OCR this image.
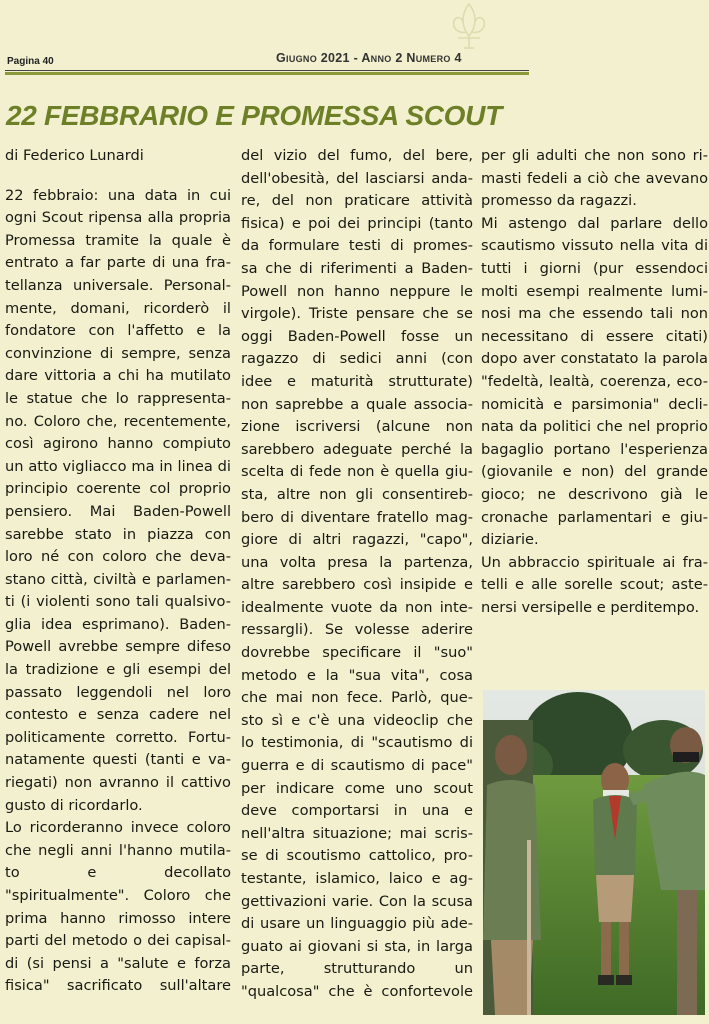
Pagina 40	Giugno 2021 - Anno 2 Numero 4
22 FEBBRARIO E PROMESSA SCOUT
di Federico Lunardi
22 febbraio: una data in cui
ogni Scout ripensa alla propria
Promessa tramite la quale è
entrato a far parte di una fra-
tellanza universale. Personal-
mente, domani, ricorderò il
fondatore con l'affetto e la
convinzione di sempre, senza
dare vittoria a chi ha mutilato
le statue che lo rappresenta-
no. Coloro che, recentemente,
così agirono hanno compiuto
un atto vigliacco ma in linea di
principio coerente col proprio
pensiero. Mai Baden-Powell
sarebbe stato in piazza con
loro né con coloro che deva-
stano città, civiltà e parlamen-
ti (i violenti sono tali qualsivo-
glia idea esprimano). Baden-
Powell avrebbe sempre difeso
la tradizione e gli esempi del
passato leggendoli nel loro
contesto e senza cadere nel
politicamente corretto. Fortu-
natamente questi (tanti e va-
riegati) non avranno il cattivo
gusto di ricordarlo.
Lo ricorderanno invece coloro
che negli anni l'hanno mutila-
to e decollato
"spiritualmente". Coloro che
prima hanno rimosso intere
parti del metodo o dei capisal-
di (si pensi a "salute e forza
fisica" sacrificato sull'altare
del vizio del fumo, del bere,
dell'obesità, del lasciarsi anda-
re, del non praticare attività
fisica) e poi dei principi (tanto
da formulare testi di promes-
sa che di riferimenti a Baden-
Powell non hanno neppure le
virgole). Triste pensare che se
oggi Baden-Powell fosse un
ragazzo di sedici anni (con
idee e maturità strutturate)
non saprebbe a quale associa-
zione iscriversi (alcune non
sarebbero adeguate perché la
scelta di fede non è quella giu-
sta, altre non gli consentireb-
bero di diventare fratello mag-
giore di altri ragazzi, "capo",
una volta presa la partenza,
altre sarebbero così insipide e
idealmente vuote da non inte-
ressargli). Se volesse aderire
dovrebbe specificare il "suo"
metodo e la "sua vita", cosa
che mai non fece. Parlò, que-
sto sì e c'è una videoclip che
lo testimonia, di "scautismo di
guerra e di scautismo di pace"
per indicare come uno scout
deve comportarsi in una e
nell'altra situazione; mai scris-
se di scoutismo cattolico, pro-
testante, islamico, laico e ag-
gettivazioni varie. Con la scusa
di usare un linguaggio più ade-
guato ai giovani si sta, in larga
parte, strutturando un
"qualcosa" che è confortevole
per gli adulti che non sono ri-
masti fedeli a ciò che avevano
promesso da ragazzi.
Mi astengo dal parlare dello
scautismo vissuto nella vita di
tutti i giorni (pur essendoci
molti esempi realmente lumi-
nosi ma che essendo tali non
necessitano di essere citati)
dopo aver constatato la parola
"fedeltà, lealtà, coerenza, eco-
nomicità e parsimonia" decli-
nata da politici che nel proprio
bagaglio portano l'esperienza
(giovanile e non) del grande
gioco; ne descrivono già le
cronache parlamentari e giu-
diziarie.
Un abbraccio spirituale ai fra-
telli e alle sorelle scout; aste-
nersi versipelle e perditempo.
